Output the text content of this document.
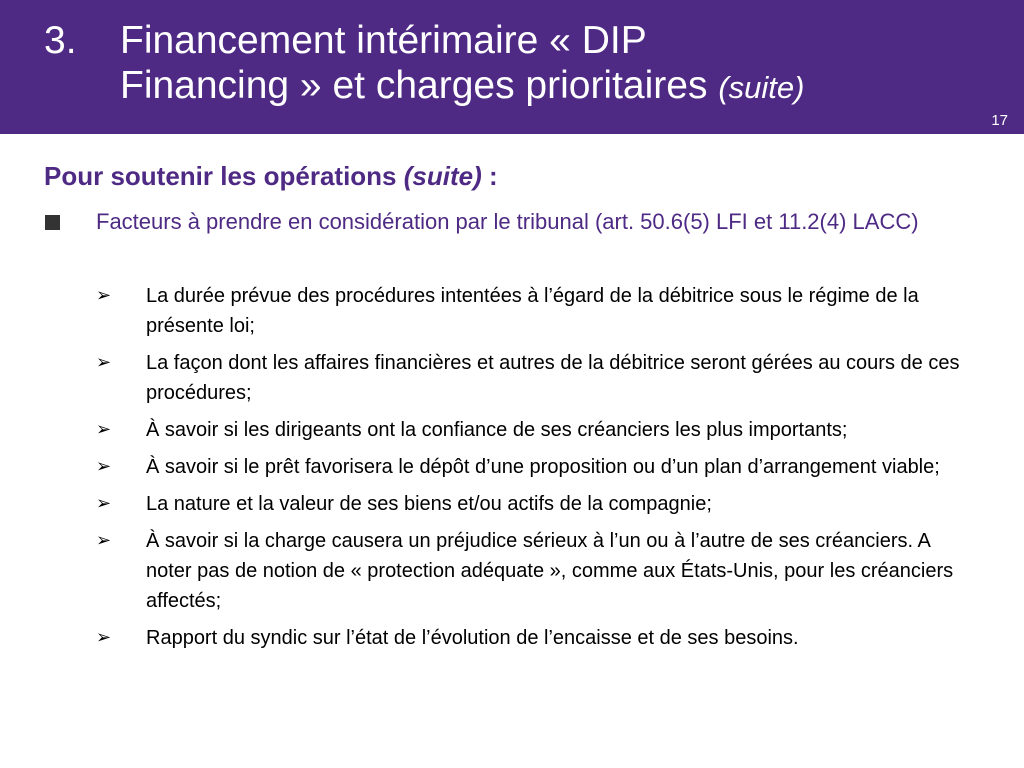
3. Financement intérimaire « DIP
Financing » et charges prioritaires (suite)
17
Pour soutenir les opérations (suite) :
Facteurs à prendre en considération par le tribunal (art. 50.6(5) LFI et 11.2(4) LACC)
➢ La durée prévue des procédures intentées à l’égard de la débitrice sous le régime de la présente loi;
➢ La façon dont les affaires financières et autres de la débitrice seront gérées au cours de ces procédures;
➢ À savoir si les dirigeants ont la confiance de ses créanciers les plus importants;
➢ À savoir si le prêt favorisera le dépôt d’une proposition ou d’un plan d’arrangement viable;
➢ La nature et la valeur de ses biens et/ou actifs de la compagnie;
➢ À savoir si la charge causera un préjudice sérieux à l’un ou à l’autre de ses créanciers. A noter pas de notion de « protection adéquate », comme aux États-Unis, pour les créanciers affectés;
➢ Rapport du syndic sur l’état de l’évolution de l’encaisse et de ses besoins.
